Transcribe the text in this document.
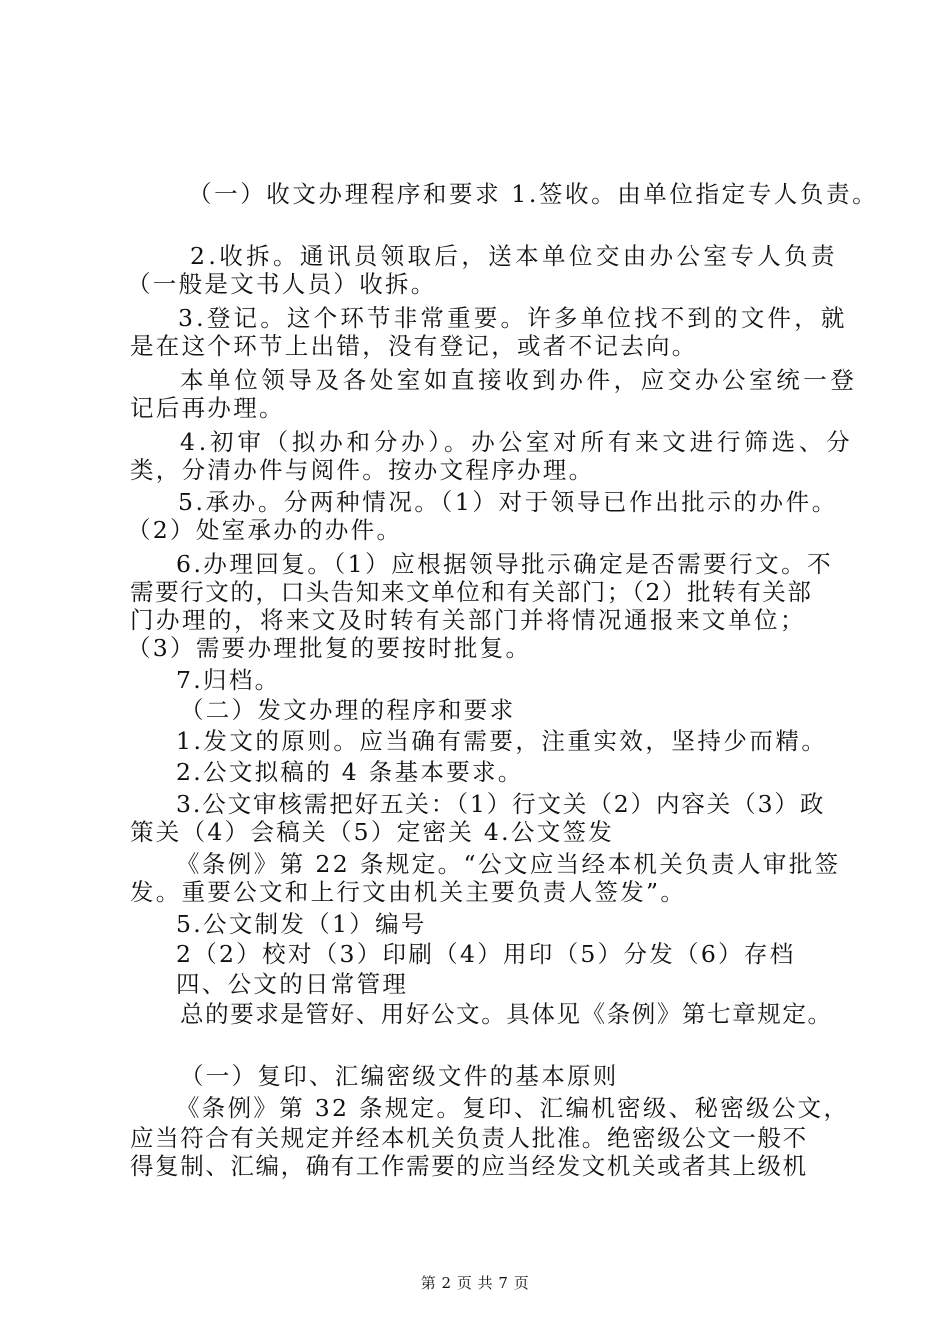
（一）收文办理程序和要求 1.签收。由单位指定专人负责。
2.收拆。通讯员领取后，送本单位交由办公室专人负责
（一般是文书人员）收拆。
3.登记。这个环节非常重要。许多单位找不到的文件，就
是在这个环节上出错，没有登记，或者不记去向。
本单位领导及各处室如直接收到办件，应交办公室统一登
记后再办理。
4.初审（拟办和分办）。办公室对所有来文进行筛选、分
类，分清办件与阅件。按办文程序办理。
5.承办。分两种情况。（1）对于领导已作出批示的办件。
（2）处室承办的办件。
6.办理回复。（1）应根据领导批示确定是否需要行文。不
需要行文的，口头告知来文单位和有关部门；（2）批转有关部
门办理的，将来文及时转有关部门并将情况通报来文单位；
（3）需要办理批复的要按时批复。
7.归档。
（二）发文办理的程序和要求
1.发文的原则。应当确有需要，注重实效，坚持少而精。
2.公文拟稿的 4 条基本要求。
3.公文审核需把好五关：（1）行文关（2）内容关（3）政
策关（4）会稿关（5）定密关 4.公文签发
《条例》第 22 条规定。“公文应当经本机关负责人审批签
发。重要公文和上行文由机关主要负责人签发”。
5.公文制发（1）编号
2（2）校对（3）印刷（4）用印（5）分发（6）存档
四、公文的日常管理
总的要求是管好、用好公文。具体见《条例》第七章规定。
（一）复印、汇编密级文件的基本原则
《条例》第 32 条规定。复印、汇编机密级、秘密级公文，
应当符合有关规定并经本机关负责人批准。绝密级公文一般不
得复制、汇编，确有工作需要的应当经发文机关或者其上级机
第 2 页 共 7 页
